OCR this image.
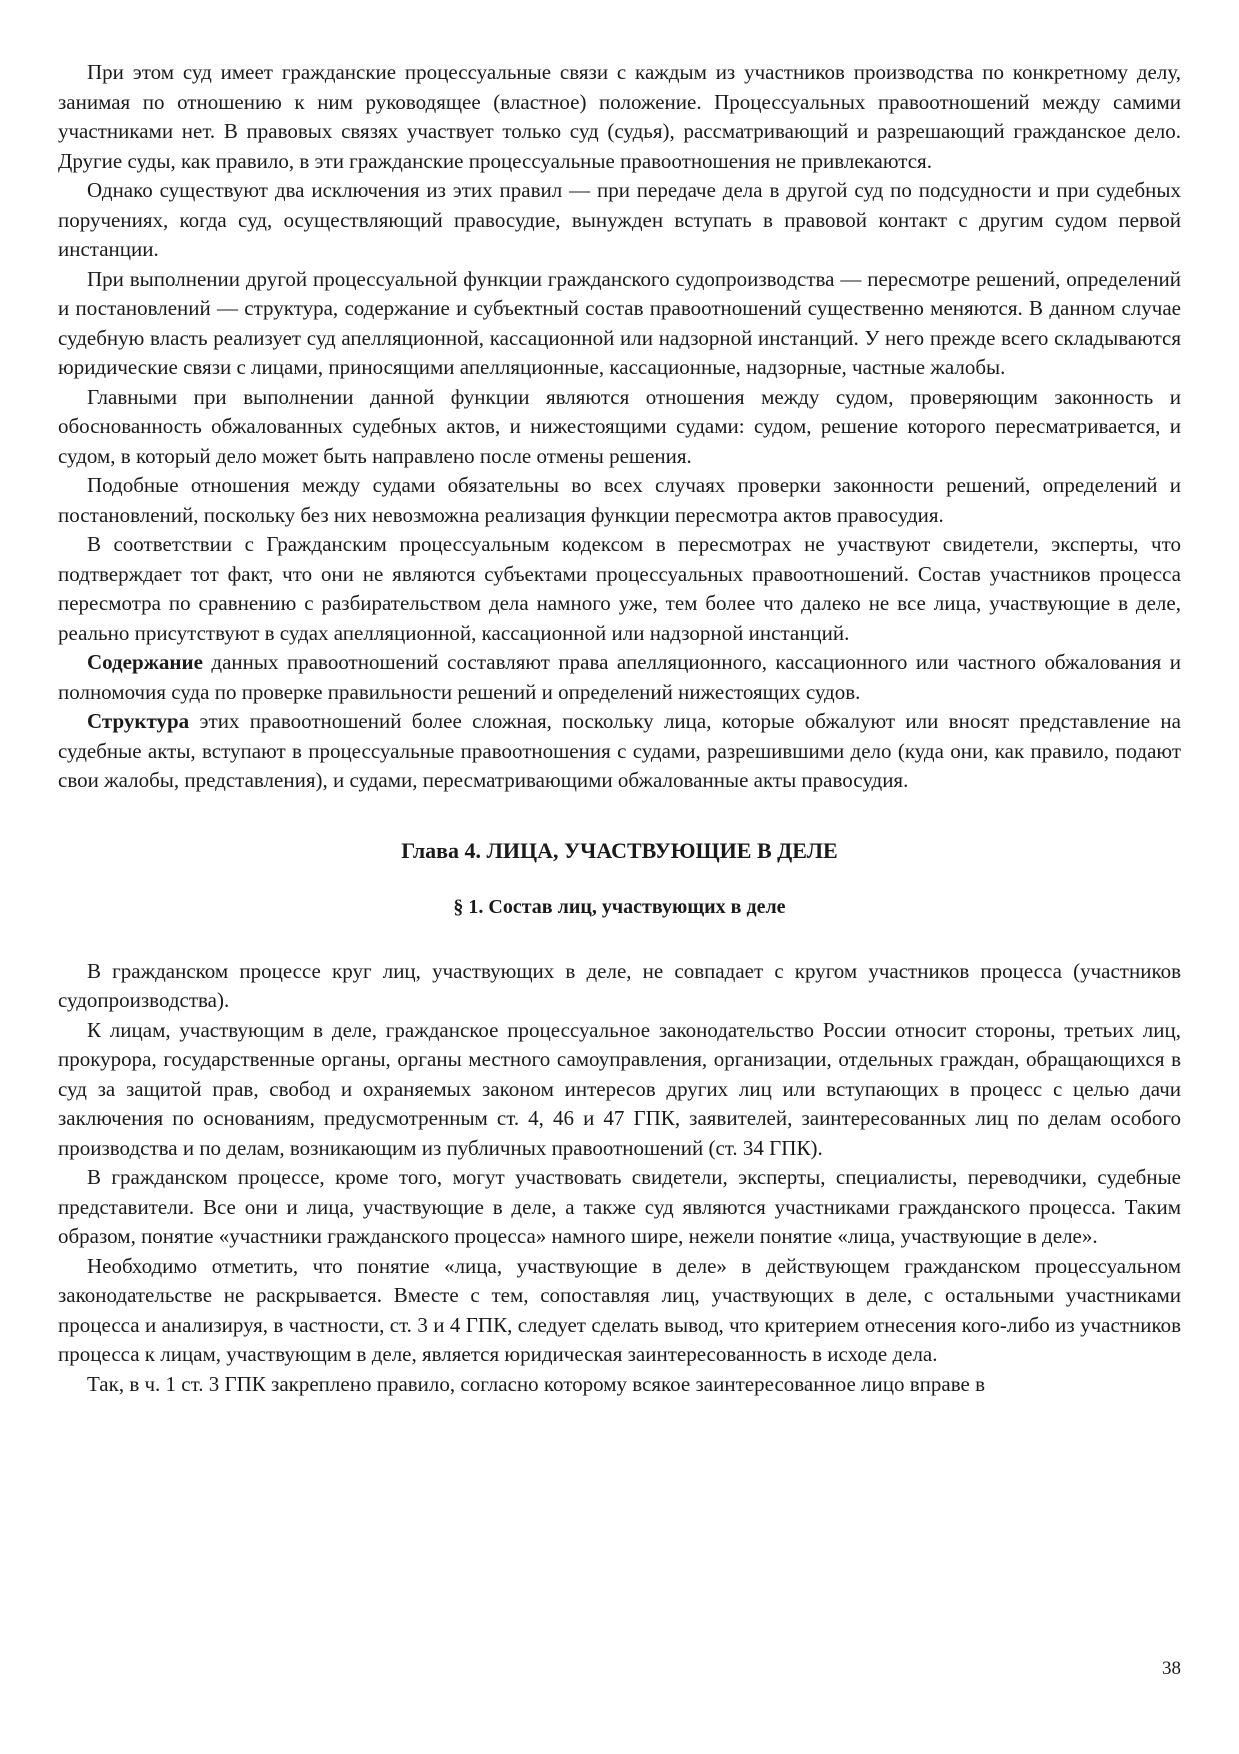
При этом суд имеет гражданские процессуальные связи с каждым из участников производства по конкретному делу, занимая по отношению к ним руководящее (властное) положение. Процессуальных правоотношений между самими участниками нет. В правовых связях участвует только суд (судья), рассматривающий и разрешающий гражданское дело. Другие суды, как правило, в эти гражданские процессуальные правоотношения не привлекаются.

Однако существуют два исключения из этих правил — при передаче дела в другой суд по подсудности и при судебных поручениях, когда суд, осуществляющий правосудие, вынужден вступать в правовой контакт с другим судом первой инстанции.

При выполнении другой процессуальной функции гражданского судопроизводства — пересмотре решений, определений и постановлений — структура, содержание и субъектный состав правоотношений существенно меняются. В данном случае судебную власть реализует суд апелляционной, кассационной или надзорной инстанций. У него прежде всего складываются юридические связи с лицами, приносящими апелляционные, кассационные, надзорные, частные жалобы.

Главными при выполнении данной функции являются отношения между судом, проверяющим законность и обоснованность обжалованных судебных актов, и нижестоящими судами: судом, решение которого пересматривается, и судом, в который дело может быть направлено после отмены решения.

Подобные отношения между судами обязательны во всех случаях проверки законности решений, определений и постановлений, поскольку без них невозможна реализация функции пересмотра актов правосудия.

В соответствии с Гражданским процессуальным кодексом в пересмотрах не участвуют свидетели, эксперты, что подтверждает тот факт, что они не являются субъектами процессуальных правоотношений. Состав участников процесса пересмотра по сравнению с разбирательством дела намного уже, тем более что далеко не все лица, участвующие в деле, реально присутствуют в судах апелляционной, кассационной или надзорной инстанций.

Содержание данных правоотношений составляют права апелляционного, кассационного или частного обжалования и полномочия суда по проверке правильности решений и определений нижестоящих судов.

Структура этих правоотношений более сложная, поскольку лица, которые обжалуют или вносят представление на судебные акты, вступают в процессуальные правоотношения с судами, разрешившими дело (куда они, как правило, подают свои жалобы, представления), и судами, пересматривающими обжалованные акты правосудия.

Глава 4. ЛИЦА, УЧАСТВУЮЩИЕ В ДЕЛЕ
§ 1. Состав лиц, участвующих в деле

В гражданском процессе круг лиц, участвующих в деле, не совпадает с кругом участников процесса (участников судопроизводства).

К лицам, участвующим в деле, гражданское процессуальное законодательство России относит стороны, третьих лиц, прокурора, государственные органы, органы местного самоуправления, организации, отдельных граждан, обращающихся в суд за защитой прав, свобод и охраняемых законом интересов других лиц или вступающих в процесс с целью дачи заключения по основаниям, предусмотренным ст. 4, 46 и 47 ГПК, заявителей, заинтересованных лиц по делам особого производства и по делам, возникающим из публичных правоотношений (ст. 34 ГПК).

В гражданском процессе, кроме того, могут участвовать свидетели, эксперты, специалисты, переводчики, судебные представители. Все они и лица, участвующие в деле, а также суд являются участниками гражданского процесса. Таким образом, понятие «участники гражданского процесса» намного шире, нежели понятие «лица, участвующие в деле».

Необходимо отметить, что понятие «лица, участвующие в деле» в действующем гражданском процессуальном законодательстве не раскрывается. Вместе с тем, сопоставляя лиц, участвующих в деле, с остальными участниками процесса и анализируя, в частности, ст. 3 и 4 ГПК, следует сделать вывод, что критерием отнесения кого-либо из участников процесса к лицам, участвующим в деле, является юридическая заинтересованность в исходе дела.

Так, в ч. 1 ст. 3 ГПК закреплено правило, согласно которому всякое заинтересованное лицо вправе в

38
